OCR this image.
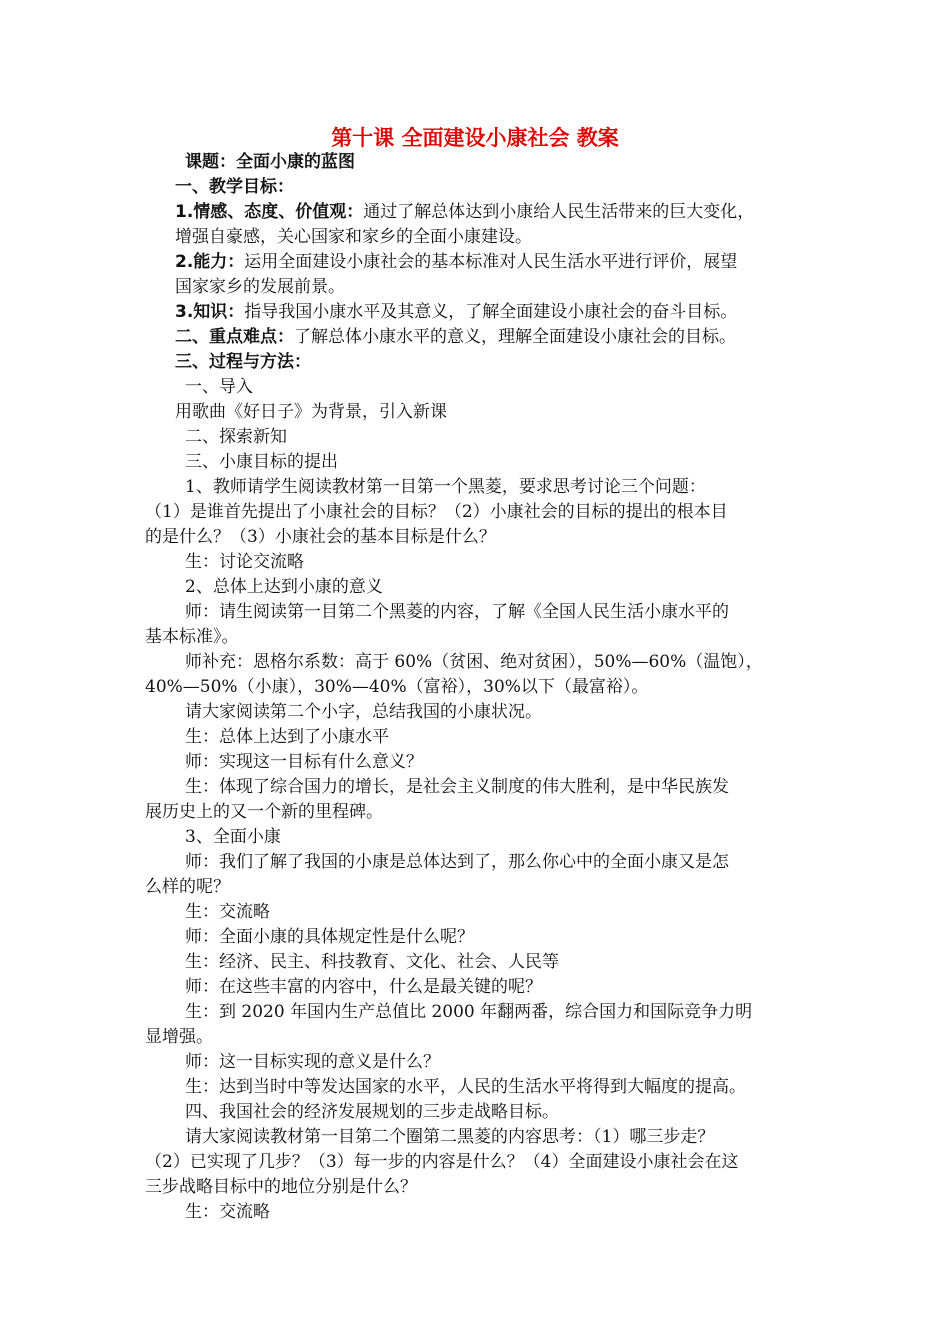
第十课 全面建设小康社会 教案
课题：全面小康的蓝图
一、教学目标：
1.情感、态度、价值观：通过了解总体达到小康给人民生活带来的巨大变化，
增强自豪感，关心国家和家乡的全面小康建设。
2.能力：运用全面建设小康社会的基本标准对人民生活水平进行评价，展望
国家家乡的发展前景。
3.知识：指导我国小康水平及其意义，了解全面建设小康社会的奋斗目标。
二、重点难点：了解总体小康水平的意义，理解全面建设小康社会的目标。
三、过程与方法：
一、导入
用歌曲《好日子》为背景，引入新课
二、探索新知
三、小康目标的提出
1、教师请学生阅读教材第一目第一个黑菱，要求思考讨论三个问题：
（1）是谁首先提出了小康社会的目标？（2）小康社会的目标的提出的根本目
的是什么？（3）小康社会的基本目标是什么？
生：讨论交流略
2、总体上达到小康的意义
师：请生阅读第一目第二个黑菱的内容，了解《全国人民生活小康水平的
基本标准》。
师补充：恩格尔系数：高于 60%（贫困、绝对贫困），50%—60%（温饱），
40%—50%（小康），30%—40%（富裕），30%以下（最富裕）。
请大家阅读第二个小字，总结我国的小康状况。
生：总体上达到了小康水平
师：实现这一目标有什么意义？
生：体现了综合国力的增长，是社会主义制度的伟大胜利，是中华民族发
展历史上的又一个新的里程碑。
3、全面小康
师：我们了解了我国的小康是总体达到了，那么你心中的全面小康又是怎
么样的呢？
生：交流略
师：全面小康的具体规定性是什么呢？
生：经济、民主、科技教育、文化、社会、人民等
师：在这些丰富的内容中，什么是最关键的呢？
生：到 2020 年国内生产总值比 2000 年翻两番，综合国力和国际竞争力明
显增强。
师：这一目标实现的意义是什么？
生：达到当时中等发达国家的水平，人民的生活水平将得到大幅度的提高。
四、我国社会的经济发展规划的三步走战略目标。
请大家阅读教材第一目第二个圈第二黑菱的内容思考：（1）哪三步走？
（2）已实现了几步？（3）每一步的内容是什么？（4）全面建设小康社会在这
三步战略目标中的地位分别是什么？
生：交流略
